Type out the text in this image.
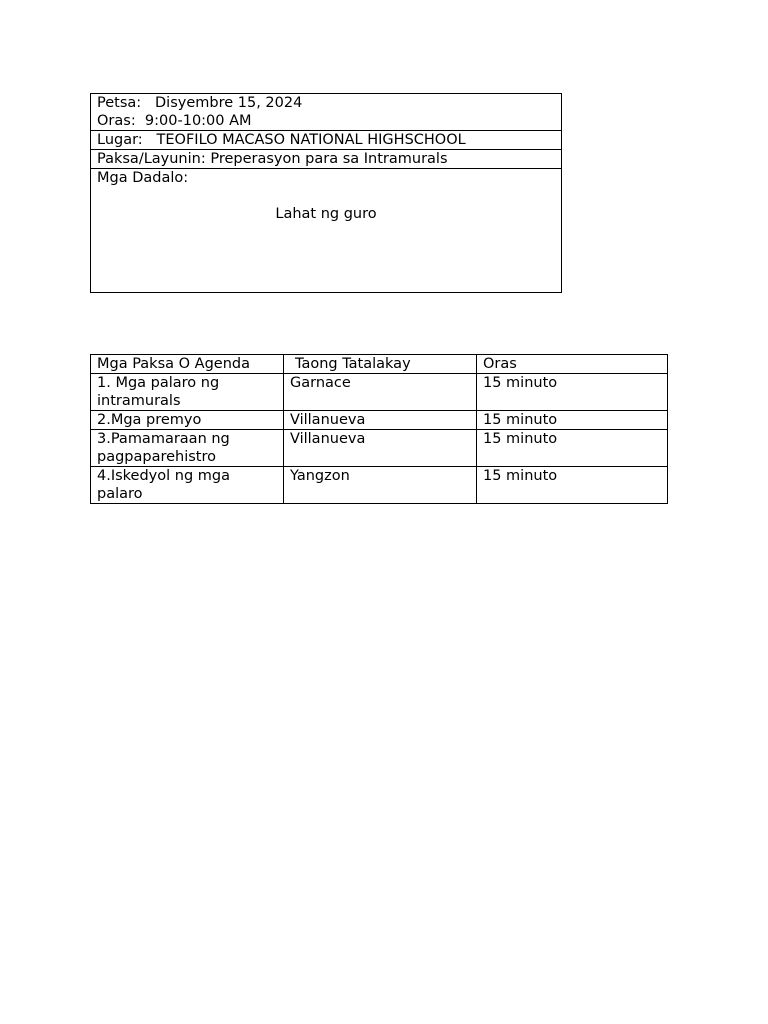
Petsa: Disyembre 15, 2024
Oras: 9:00-10:00 AM

Lugar: TEOFILO MACASO NATIONAL HIGHSCHOOL

Paksa/Layunin: Preperasyon para sa Intramurals

Mga Dadalo:
Lahat ng guro
Mga Paksa O Agenda	Taong Tatalakay	Oras
1. Mga palaro ng intramurals	Garnace	15 minuto
2.Mga premyo	Villanueva	15 minuto
3.Pamamaraan ng pagpaparehistro	Villanueva	15 minuto
4.Iskedyol ng mga palaro	Yangzon	15 minuto
